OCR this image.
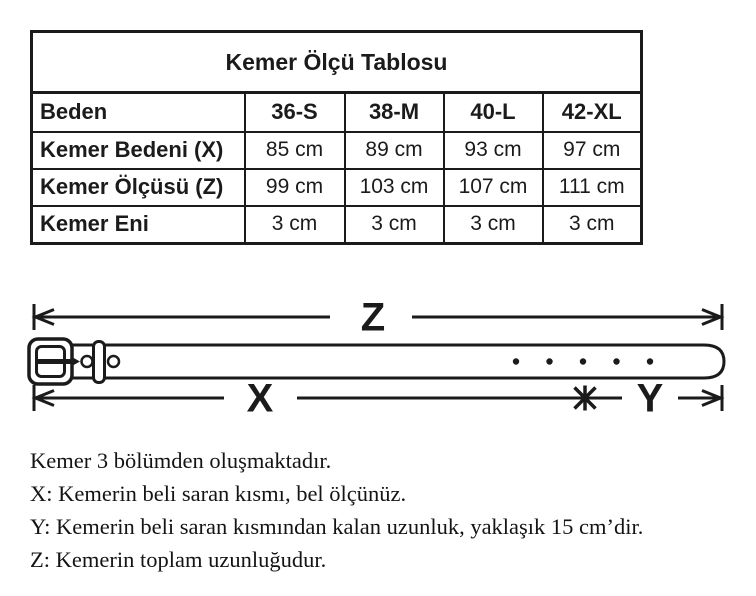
Kemer Ölçü Tablosu				
Beden	36-S	38-M	40-L	42-XL
Kemer Bedeni (X)	85 cm	89 cm	93 cm	97 cm
Kemer Ölçüsü (Z)	99 cm	103 cm	107 cm	111 cm
Kemer Eni	3 cm	3 cm	3 cm	3 cm
Z
X	Y
Kemer 3 bölümden oluşmaktadır.
X: Kemerin beli saran kısmı, bel ölçünüz.
Y: Kemerin beli saran kısmından kalan uzunluk, yaklaşık 15 cm’dir.
Z: Kemerin toplam uzunluğudur.
